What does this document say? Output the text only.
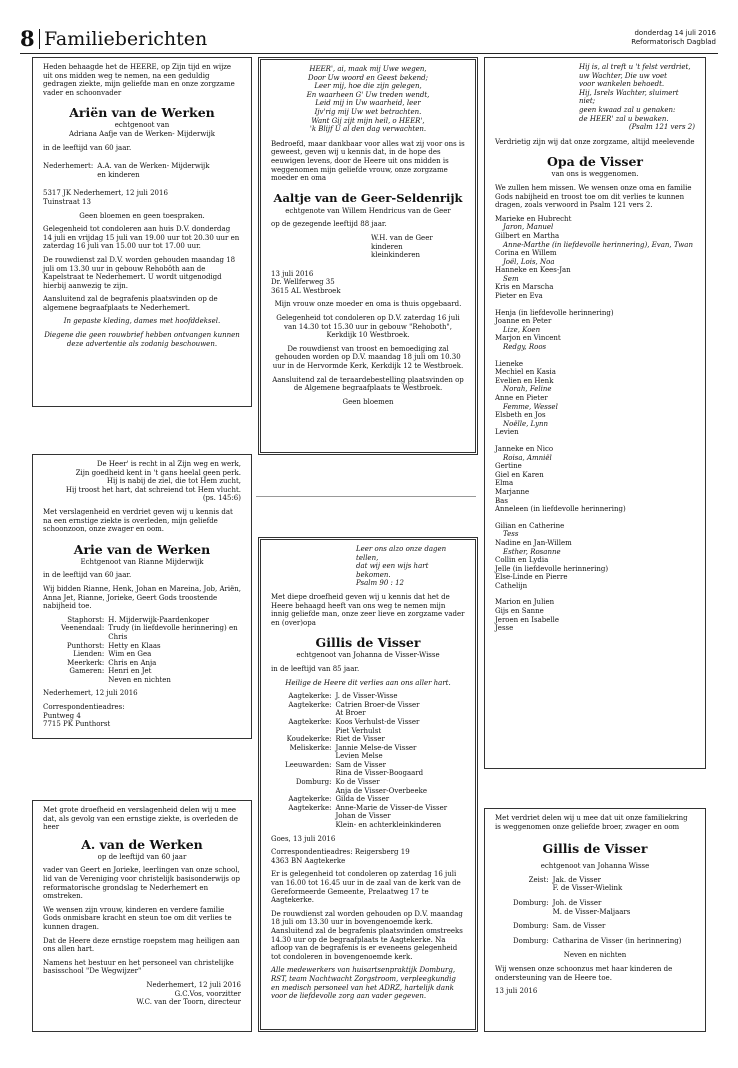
8 Familieberichten	donderdag 14 juli 2016
Reformatorisch Dagblad

Heden behaagde het de HEERE, op Zijn tijd en wijze uit ons midden weg te nemen, na een geduldig gedragen ziekte, mijn geliefde man en onze zorgzame vader en schoonvader

Ariën van de Werken
echtgenoot van
Adriana Aafje van de Werken- Mijderwijk

in de leeftijd van 60 jaar.

Nederhemert: A.A. van de Werken- Mijderwijk
en kinderen

5317 JK Nederhemert, 12 juli 2016
Tuinstraat 13

Geen bloemen en geen toespraken.

Gelegenheid tot condoleren aan huis D.V. donderdag 14 juli en vrijdag 15 juli van 19.00 uur tot 20.30 uur en zaterdag 16 juli van 15.00 uur tot 17.00 uur.

De rouwdienst zal D.V. worden gehouden maandag 18 juli om 13.30 uur in gebouw Rehobôth aan de Kapelstraat te Nederhemert. U wordt uitgenodigd hierbij aanwezig te zijn.

Aansluitend zal de begrafenis plaatsvinden op de algemene begraafplaats te Nederhemert.

In gepaste kleding, dames met hoofddeksel.

Diegene die geen rouwbrief hebben ontvangen kunnen deze advertentie als zodanig beschouwen.

De Heer' is recht in al Zijn weg en werk,
Zijn goedheid kent in 't gans heelal geen perk.
Hij is nabij de ziel, die tot Hem zucht,
Hij troost het hart, dat schreiend tot Hem vlucht.
(ps. 145:6)

Met verslagenheid en verdriet geven wij u kennis dat na een ernstige ziekte is overleden, mijn geliefde schoonzoon, onze zwager en oom.

Arie van de Werken
Echtgenoot van Rianne Mijderwijk

in de leeftijd van 60 jaar.

Wij bidden Rianne, Henk, Johan en Mareina, Job, Ariën, Anna Jet, Rianne, Jorieke, Geert Gods troostende nabijheid toe.

Staphorst: H. Mijderwijk-Paardenkoper
Veenendaal: Trudy (in liefdevolle herinnering) en Chris
Punthorst: Hetty en Klaas
Lienden: Wim en Gea
Meerkerk: Chris en Anja
Gameren: Henri en Jet
Neven en nichten

Nederhemert, 12 juli 2016

Correspondentieadres:
Puntweg 4
7715 PK Punthorst

Met grote droefheid en verslagenheid delen wij u mee dat, als gevolg van een ernstige ziekte, is overleden de heer

A. van de Werken
op de leeftijd van 60 jaar

vader van Geert en Jorieke, leerlingen van onze school, lid van de Vereniging voor christelijk basisonderwijs op reformatorische grondslag te Nederhemert en omstreken.

We wensen zijn vrouw, kinderen en verdere familie Gods onmisbare kracht en steun toe om dit verlies te kunnen dragen.

Dat de Heere deze ernstige roepstem mag heiligen aan ons allen hart.

Namens het bestuur en het personeel van christelijke basisschool "De Wegwijzer"

Nederhemert, 12 juli 2016
G.C.Vos, voorzitter
W.C. van der Toorn, directeur
HEER', ai, maak mij Uwe wegen,
Door Uw woord en Geest bekend;
Leer mij, hoe die zijn gelegen,
En waarheen G' Uw treden wendt,
Leid mij in Uw waarheid, leer
Ijv'rig mij Uw wet betrachten.
Want Gij zijt mijn heil, o HEER',
'k Blijf U al den dag verwachten.

Bedroefd, maar dankbaar voor alles wat zij voor ons is geweest, geven wij u kennis dat, in de hope des eeuwigen levens, door de Heere uit ons midden is weggenomen mijn geliefde vrouw, onze zorgzame moeder en oma

Aaltje van de Geer-Seldenrijk
echtgenote van Willem Hendricus van de Geer

op de gezegende leeftijd 88 jaar.

W.H. van de Geer
kinderen
kleinkinderen

13 juli 2016
Dr. Wellferweg 35
3615 AL Westbroek

Mijn vrouw onze moeder en oma is thuis opgebaard.

Gelegenheid tot condoleren op D.V. zaterdag 16 juli van 14.30 tot 15.30 uur in gebouw "Rehoboth", Kerkdijk 10 Westbroek.

De rouwdienst van troost en bemoediging zal gehouden worden op D.V. maandag 18 juli om 10.30 uur in de Hervormde Kerk, Kerkdijk 12 te Westbroek.

Aansluitend zal de teraardebestelling plaatsvinden op de Algemene begraafplaats te Westbroek.

Geen bloemen

Leer ons alzo onze dagen tellen,
dat wij een wijs hart bekomen.
Psalm 90 : 12

Met diepe droefheid geven wij u kennis dat het de Heere behaagd heeft van ons weg te nemen mijn innig geliefde man, onze zeer lieve en zorgzame vader en (over)opa

Gillis de Visser
echtgenoot van Johanna de Visser-Wisse

in de leeftijd van 85 jaar.

Heilige de Heere dit verlies aan ons aller hart.

Aagtekerke: J. de Visser-Wisse
Aagtekerke: Catrien Broer-de Visser
At Broer
Aagtekerke: Koos Verhulst-de Visser
Piet Verhulst
Koudekerke: Riet de Visser
Meliskerke: Jannie Melse-de Visser
Levien Melse
Leeuwarden: Sam de Visser
Rina de Visser-Boogaard
Domburg: Ko de Visser
Anja de Visser-Overbeeke
Aagtekerke: Gilda de Visser
Aagtekerke: Anne-Marie de Visser-de Visser
Johan de Visser
Klein- en achterkleinkinderen

Goes, 13 juli 2016

Correspondentieadres: Reigersberg 19
4363 BN Aagtekerke

Er is gelegenheid tot condoleren op zaterdag 16 juli van 16.00 tot 16.45 uur in de zaal van de kerk van de Gereformeerde Gemeente, Prelaatweg 17 te Aagtekerke.

De rouwdienst zal worden gehouden op D.V. maandag 18 juli om 13.30 uur in bovengenoemde kerk. Aansluitend zal de begrafenis plaatsvinden omstreeks 14.30 uur op de begraafplaats te Aagtekerke. Na afloop van de begrafenis is er eveneens gelegenheid tot condoleren in bovengenoemde kerk.

Alle medewerkers van huisartsenpraktijk Domburg, RST, team Nachtwacht Zorgstroom, verpleegkundig en medisch personeel van het ADRZ, hartelijk dank voor de liefdevolle zorg aan vader gegeven.

Hij is, al treft u 't felst verdriet,
uw Wachter, Die uw voet
voor wankelen behoedt.
Hij, Isrels Wachter, sluimert niet;
geen kwaad zal u genaken:
de HEER' zal u bewaken.
(Psalm 121 vers 2)

Verdrietig zijn wij dat onze zorgzame, altijd meelevende

Opa de Visser
van ons is weggenomen.

We zullen hem missen. We wensen onze oma en familie Gods nabijheid en troost toe om dit verlies te kunnen dragen, zoals verwoord in Psalm 121 vers 2.

Marieke en Hubrecht
Jaron, Manuel
Gilbert en Martha
Anne-Marthe (in liefdevolle herinnering), Evan, Twan
Corina en Willem
Joël, Lois, Noa
Hanneke en Kees-Jan
Sem
Kris en Marscha
Pieter en Eva
Henja (in liefdevolle herinnering)
Joanne en Peter
Lize, Koen
Marjon en Vincent
Redgy, Roos
Lieneke
Mechiel en Kasia
Evelien en Henk
Norah, Feline
Anne en Pieter
Femme, Wessel
Elsbeth en Jos
Noëlle, Lynn
Levien
Janneke en Nico
Roisa, Amniël
Gertine
Giel en Karen
Elma
Marjanne
Bas
Anneleen (in liefdevolle herinnering)
Gilian en Catherine
Tess
Nadine en Jan-Willem
Esther, Rosanne
Collin en Lydia
Jelle (in liefdevolle herinnering)
Else-Linde en Pierre
Cathelijn
Marion en Julien
Gijs en Sanne
Jeroen en Isabelle
Jesse

Met verdriet delen wij u mee dat uit onze familiekring is weggenomen onze geliefde broer, zwager en oom

Gillis de Visser
echtgenoot van Johanna Wisse
Zeist: Jak. de Visser
F. de Visser-Wielink
Domburg: Joh. de Visser
M. de Visser-Maljaars
Domburg: Sam. de Visser
Domburg: Catharina de Visser (in herinnering)

Neven en nichten

Wij wensen onze schoonzus met haar kinderen de ondersteuning van de Heere toe.

13 juli 2016
